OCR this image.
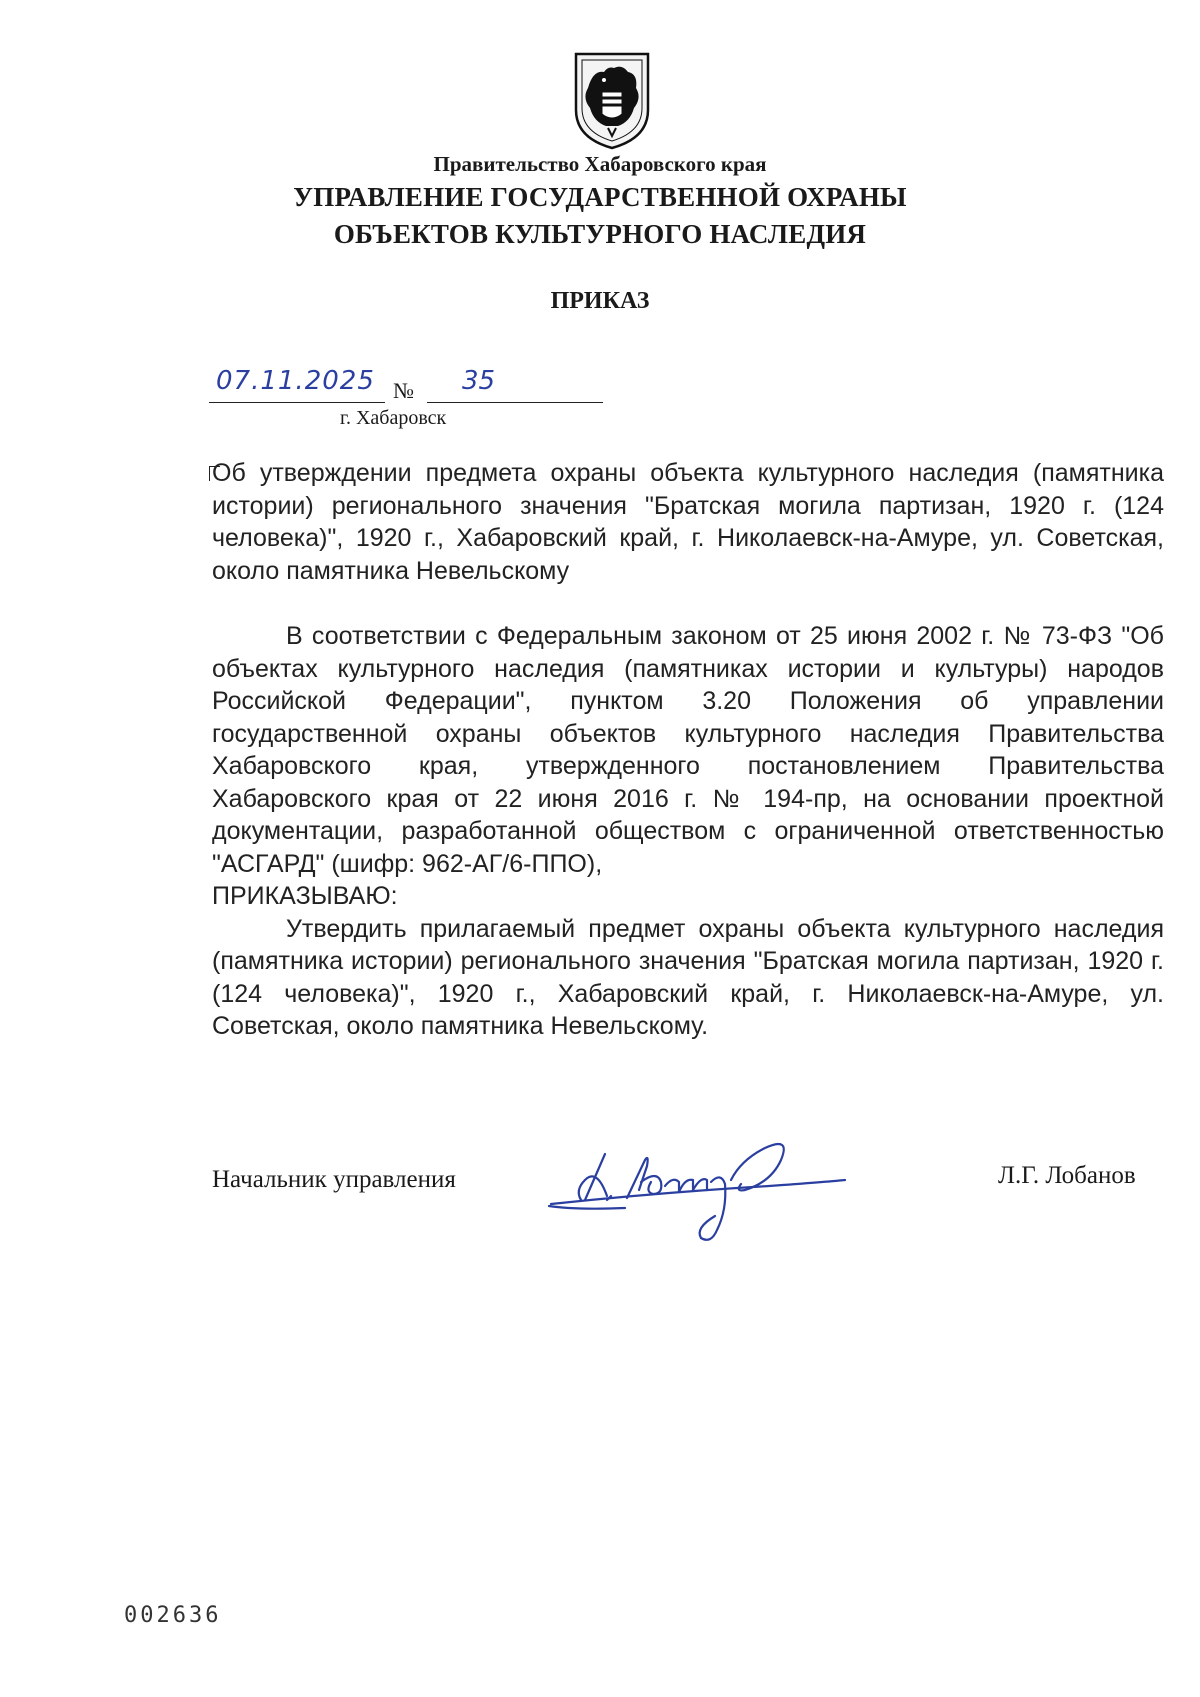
Правительство Хабаровского края
УПРАВЛЕНИЕ ГОСУДАРСТВЕННОЙ ОХРАНЫ
ОБЪЕКТОВ КУЛЬТУРНОГО НАСЛЕДИЯ
ПРИКАЗ
07.11.2025 № 35
г. Хабаровск
Об утверждении предмета охраны объекта культурного наследия (памятника истории) регионального значения "Братская могила партизан, 1920 г. (124 человека)", 1920 г., Хабаровский край, г. Николаевск-на-Амуре, ул. Советская, около памятника Невельскому

В соответствии с Федеральным законом от 25 июня 2002 г. № 73-ФЗ "Об объектах культурного наследия (памятниках истории и культуры) народов Российской Федерации", пунктом 3.20 Положения об управлении государственной охраны объектов культурного наследия Правительства Хабаровского края, утвержденного постановлением Правительства Хабаровского края от 22 июня 2016 г. № 194-пр, на основании проектной документации, разработанной обществом с ограниченной ответственностью "АСГАРД" (шифр: 962-АГ/6-ППО),

ПРИКАЗЫВАЮ:

Утвердить прилагаемый предмет охраны объекта культурного наследия (памятника истории) регионального значения "Братская могила партизан, 1920 г. (124 человека)", 1920 г., Хабаровский край, г. Николаевск-на-Амуре, ул. Советская, около памятника Невельскому.

Начальник управления	Л.Г. Лобанов
002636
